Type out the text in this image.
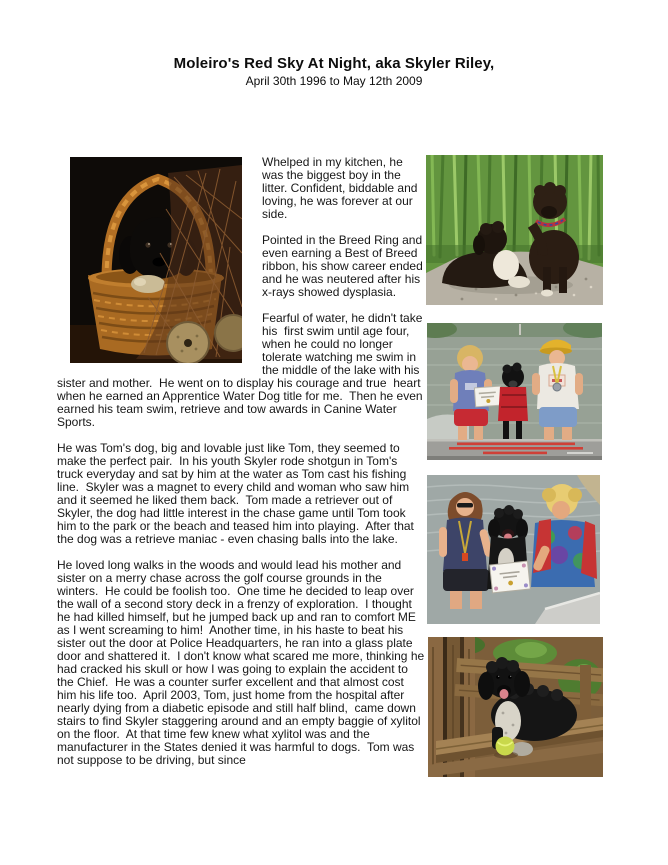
Moleiro's Red Sky At Night, aka Skyler Riley,
April 30th 1996 to May 12th 2009

Whelped in my kitchen, he was the biggest boy in the litter. Confident, biddable and loving, he was forever at our side.

Pointed in the Breed Ring and even earning a Best of Breed ribbon, his show career ended and he was neutered after his x-rays showed dysplasia.

Fearful of water, he didn't take his  first swim until age four, when he could no longer tolerate watching me swim in the middle of the lake with his sister and mother.  He went on to display his courage and true  heart when he earned an Apprentice Water Dog title for me.  Then he even earned his team swim, retrieve and tow awards in Canine Water Sports.

He was Tom's dog, big and lovable just like Tom, they seemed to make the perfect pair.  In his youth Skyler rode shotgun in Tom's truck everyday and sat by him at the water as Tom cast his fishing line.  Skyler was a magnet to every child and woman who saw him and it seemed he liked them back.  Tom made a retriever out of Skyler, the dog had little interest in the chase game until Tom took him to the park or the beach and teased him into playing.  After that the dog was a retrieve maniac - even chasing balls into the lake.

He loved long walks in the woods and would lead his mother and sister on a merry chase across the golf course grounds in the winters.  He could be foolish too.  One time he decided to leap over the wall of a second story deck in a frenzy of exploration.  I thought he had killed himself, but he jumped back up and ran to comfort ME as I went screaming to him!  Another time, in his haste to beat his sister out the door at Police Headquarters, he ran into a glass plate door and shattered it.  I don't know what scared me more, thinking he had cracked his skull or how I was going to explain the accident to the Chief.  He was a counter surfer excellent and that almost cost him his life too.  April 2003, Tom, just home from the hospital after nearly dying from a diabetic episode and still half blind,  came down stairs to find Skyler staggering around and an empty baggie of xylitol on the floor.  At that time few knew what xylitol was and the manufacturer in the States denied it was harmful to dogs.  Tom was not suppose to be driving, but since
